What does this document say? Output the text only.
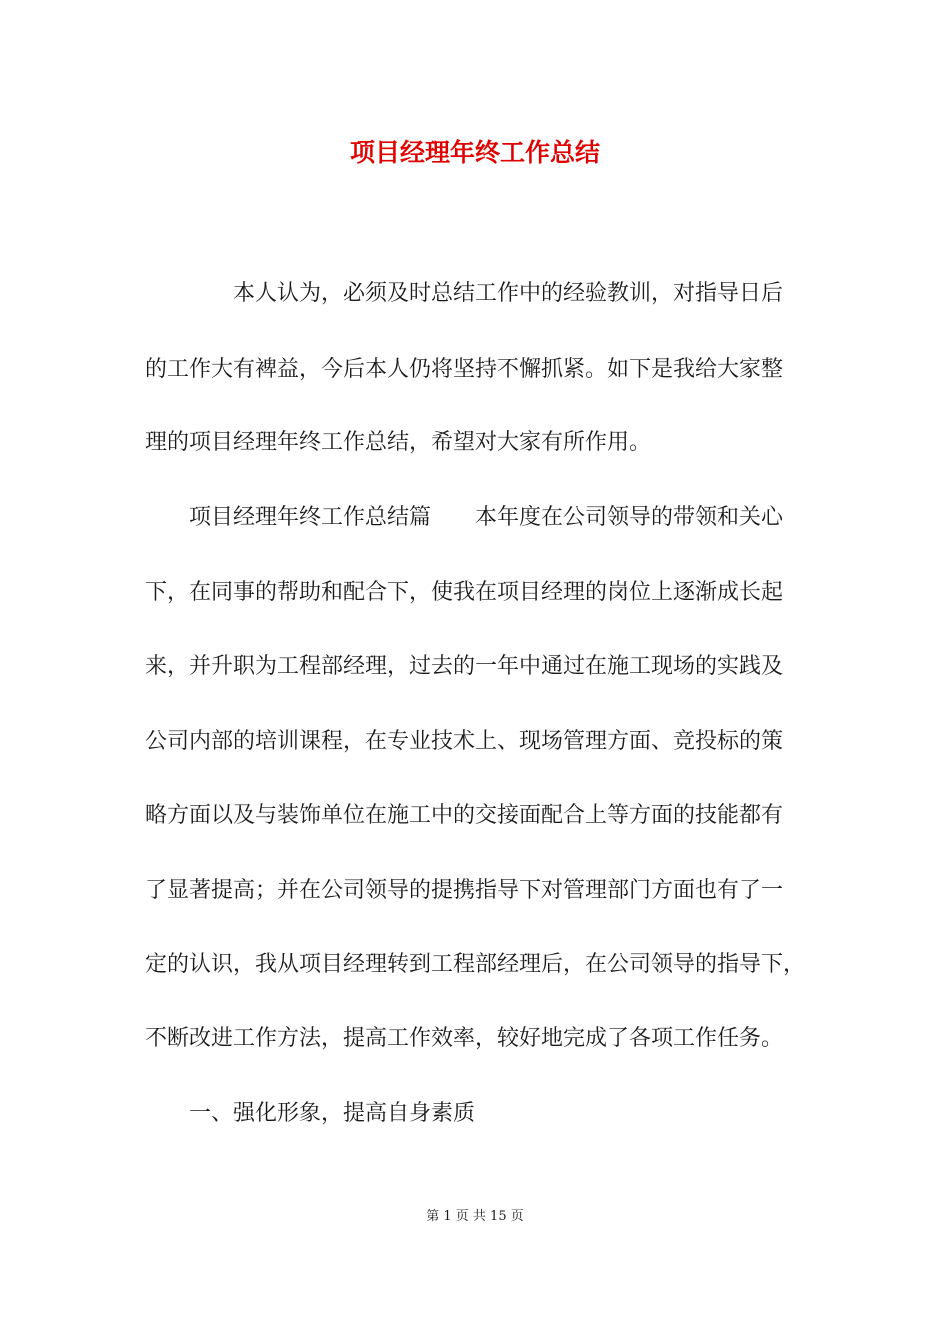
项目经理年终工作总结
本人认为，必须及时总结工作中的经验教训，对指导日后
的工作大有裨益，今后本人仍将坚持不懈抓紧。如下是我给大家整
理的项目经理年终工作总结，希望对大家有所作用。
项目经理年终工作总结篇　　本年度在公司领导的带领和关心
下，在同事的帮助和配合下，使我在项目经理的岗位上逐渐成长起
来，并升职为工程部经理，过去的一年中通过在施工现场的实践及
公司内部的培训课程，在专业技术上、现场管理方面、竞投标的策
略方面以及与装饰单位在施工中的交接面配合上等方面的技能都有
了显著提高；并在公司领导的提携指导下对管理部门方面也有了一
定的认识，我从项目经理转到工程部经理后，在公司领导的指导下，
不断改进工作方法，提高工作效率，较好地完成了各项工作任务。
一、强化形象，提高自身素质
第 1 页 共 15 页
